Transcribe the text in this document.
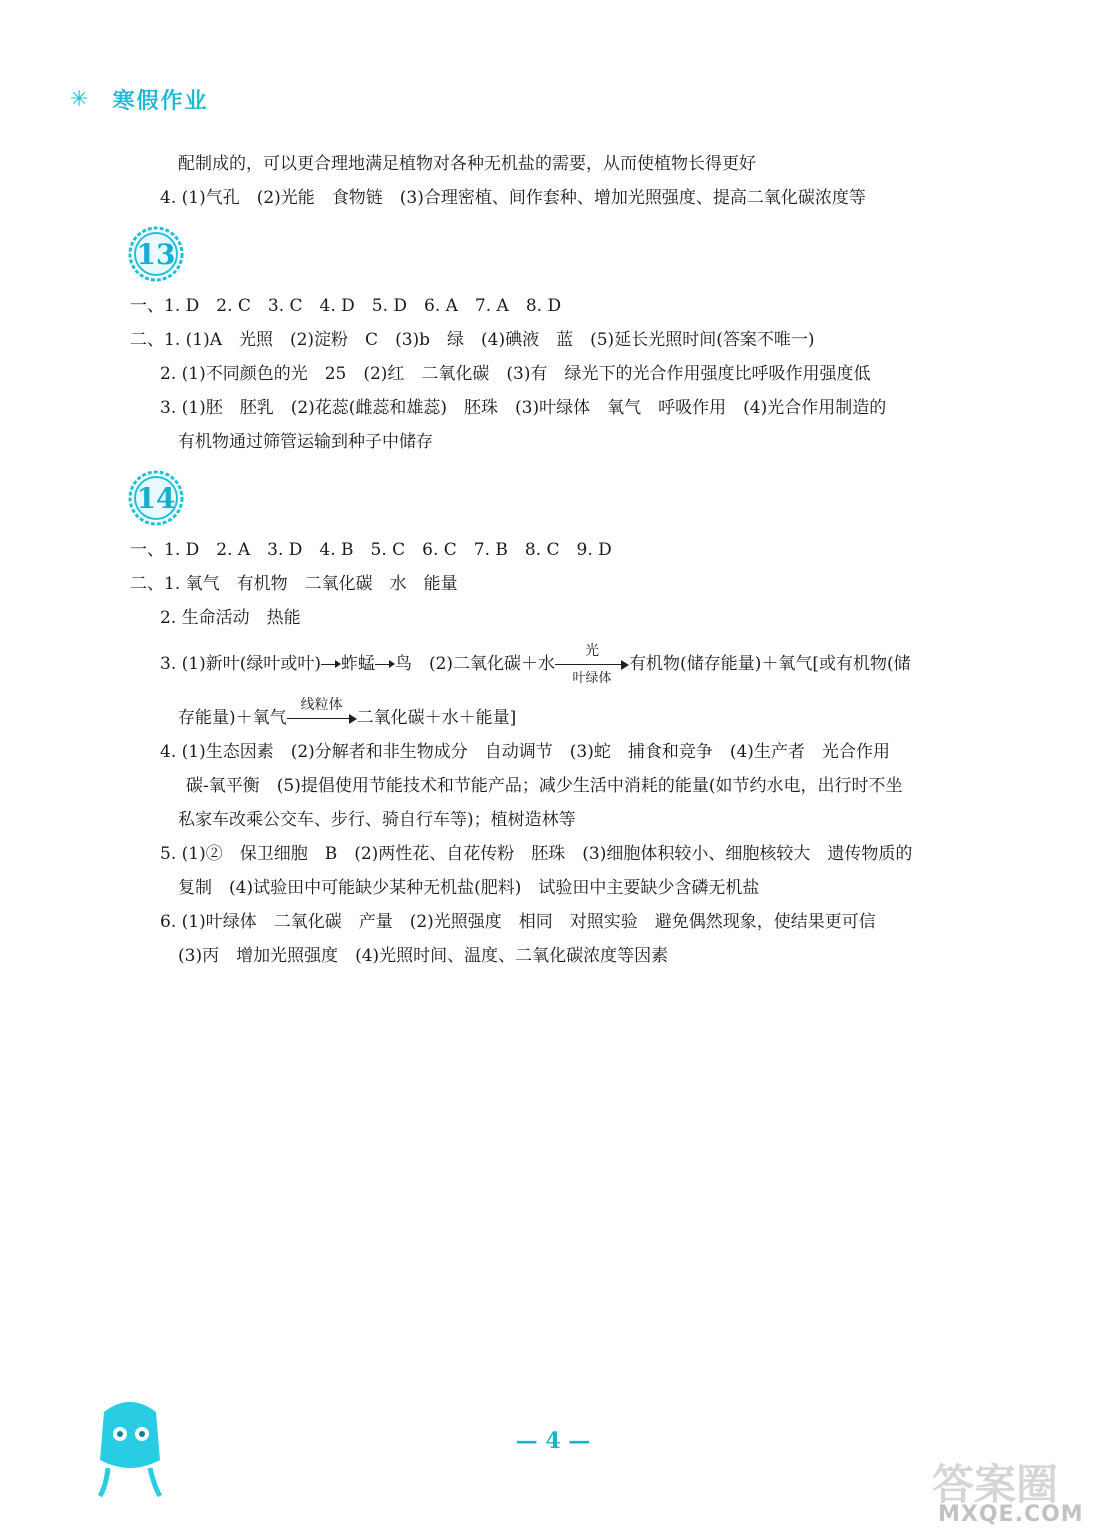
✳ 寒假作业
配制成的，可以更合理地满足植物对各种无机盐的需要，从而使植物长得更好
4. (1)气孔　(2)光能　食物链　(3)合理密植、间作套种、增加光照强度、提高二氧化碳浓度等
13
一、1. D　2. C　3. C　4. D　5. D　6. A　7. A　8. D
二、1. (1)A　光照　(2)淀粉　C　(3)b　绿　(4)碘液　蓝　(5)延长光照时间(答案不唯一)
2. (1)不同颜色的光　25　(2)红　二氧化碳　(3)有　绿光下的光合作用强度比呼吸作用强度低
3. (1)胚　胚乳　(2)花蕊(雌蕊和雄蕊)　胚珠　(3)叶绿体　氧气　呼吸作用　(4)光合作用制造的
有机物通过筛管运输到种子中储存
14
一、1. D　2. A　3. D　4. B　5. C　6. C　7. B　8. C　9. D
二、1. 氧气　有机物　二氧化碳　水　能量
2. 生命活动　热能
3. (1)新叶(绿叶或叶) 蚱蜢 鸟　(2)二氧化碳＋水
光
叶绿体
有机物(储存能量)＋氧气[或有机物(储
存能量)＋氧气
线粒体
二氧化碳＋水＋能量]
4. (1)生态因素　(2)分解者和非生物成分　自动调节　(3)蛇　捕食和竞争　(4)生产者　光合作用
碳-氧平衡　(5)提倡使用节能技术和节能产品；减少生活中消耗的能量(如节约水电，出行时不坐
私家车改乘公交车、步行、骑自行车等)；植树造林等
5. (1)②　保卫细胞　B　(2)两性花、自花传粉　胚珠　(3)细胞体积较小、细胞核较大　遗传物质的
复制　(4)试验田中可能缺少某种无机盐(肥料)　试验田中主要缺少含磷无机盐
6. (1)叶绿体　二氧化碳　产量　(2)光照强度　相同　对照实验　避免偶然现象，使结果更可信
(3)丙　增加光照强度　(4)光照时间、温度、二氧化碳浓度等因素
— 4 —
答案圈
MXQE.COM
